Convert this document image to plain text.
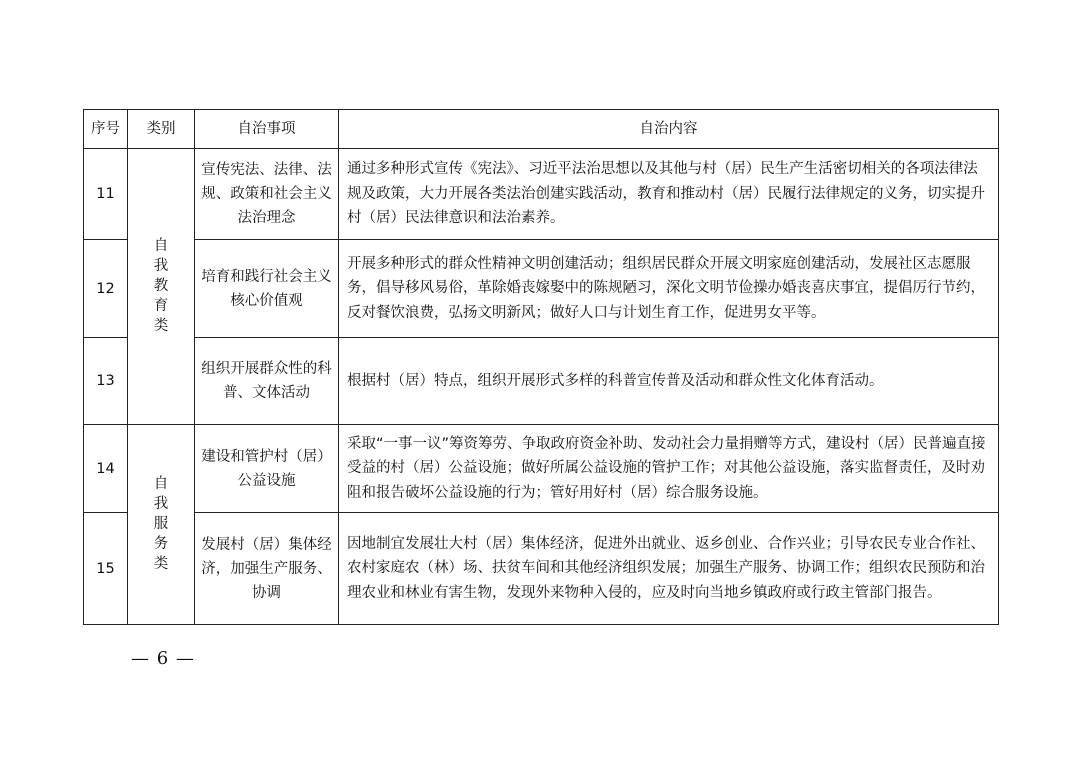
序号	类别	自治事项	自治内容
11	自我教育类	宣传宪法、法律、法规、政策和社会主义法治理念	通过多种形式宣传《宪法》、习近平法治思想以及其他与村（居）民生产生活密切相关的各项法律法规及政策，大力开展各类法治创建实践活动，教育和推动村（居）民履行法律规定的义务，切实提升村（居）民法律意识和法治素养。
12		培育和践行社会主义核心价值观	开展多种形式的群众性精神文明创建活动；组织居民群众开展文明家庭创建活动，发展社区志愿服务，倡导移风易俗，革除婚丧嫁娶中的陈规陋习，深化文明节俭操办婚丧喜庆事宜，提倡厉行节约，反对餐饮浪费，弘扬文明新风；做好人口与计划生育工作，促进男女平等。
13		组织开展群众性的科普、文体活动	根据村（居）特点，组织开展形式多样的科普宣传普及活动和群众性文化体育活动。
14	自我服务类	建设和管护村（居）公益设施	采取“一事一议”筹资筹劳、争取政府资金补助、发动社会力量捐赠等方式，建设村（居）民普遍直接受益的村（居）公益设施；做好所属公益设施的管护工作；对其他公益设施，落实监督责任，及时劝阻和报告破坏公益设施的行为；管好用好村（居）综合服务设施。
15		发展村（居）集体经济，加强生产服务、协调	因地制宜发展壮大村（居）集体经济，促进外出就业、返乡创业、合作兴业；引导农民专业合作社、农村家庭农（林）场、扶贫车间和其他经济组织发展；加强生产服务、协调工作；组织农民预防和治理农业和林业有害生物，发现外来物种入侵的，应及时向当地乡镇政府或行政主管部门报告。
— 6 —
